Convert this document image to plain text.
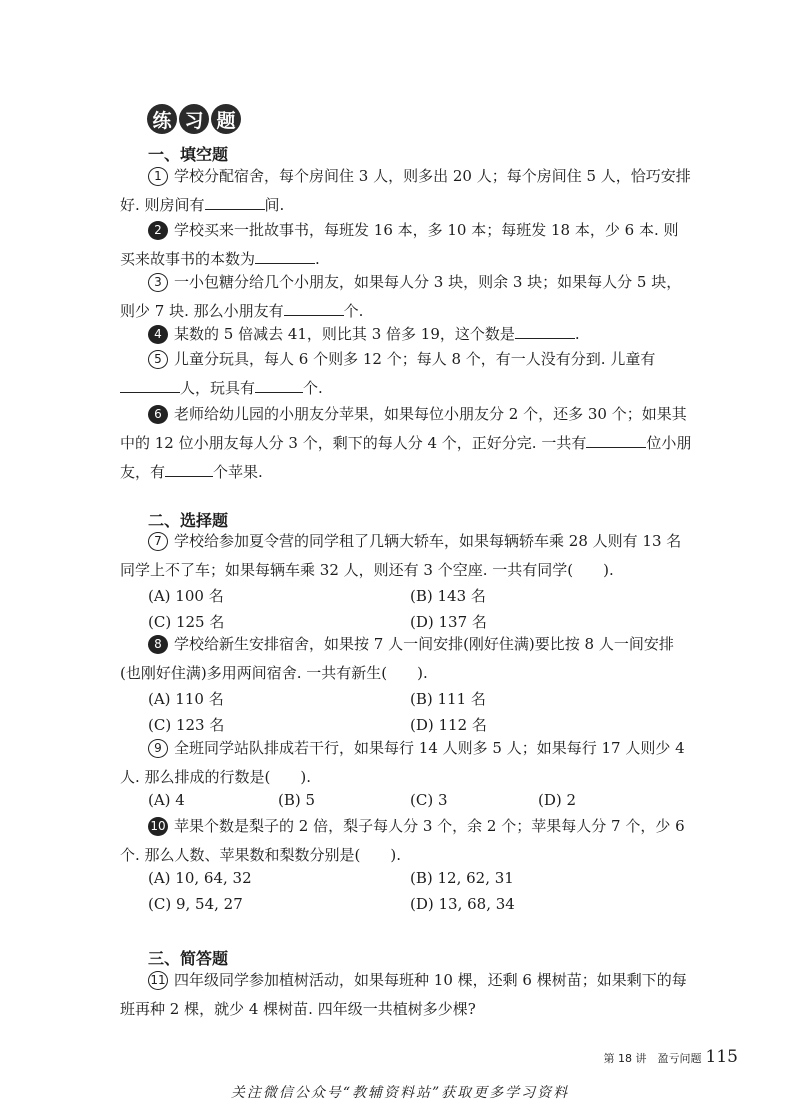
练 习 题
一、填空题
1 学校分配宿舍，每个房间住 3 人，则多出 20 人；每个房间住 5 人，恰巧安排好. 则房间有	间.
2 学校买来一批故事书，每班发 16 本，多 10 本；每班发 18 本，少 6 本. 则买来故事书的本数为	.
3 一小包糖分给几个小朋友，如果每人分 3 块，则余 3 块；如果每人分 5 块，则少 7 块. 那么小朋友有	个.
4 某数的 5 倍减去 41，则比其 3 倍多 19，这个数是	.
5 儿童分玩具，每人 6 个则多 12 个；每人 8 个，有一人没有分到. 儿童有人，玩具有	个.
6 老师给幼儿园的小朋友分苹果，如果每位小朋友分 2 个，还多 30 个；如果其中的 12 位小朋友每人分 3 个，剩下的每人分 4 个，正好分完. 一共有	位小朋友，有	个苹果.
二、选择题
7 学校给参加夏令营的同学租了几辆大轿车，如果每辆轿车乘 28 人则有 13 名同学上不了车；如果每辆车乘 32 人，则还有 3 个空座. 一共有同学(　　).
(A) 100 名	(B) 143 名
(C) 125 名	(D) 137 名
8 学校给新生安排宿舍，如果按 7 人一间安排(刚好住满)要比按 8 人一间安排(也刚好住满)多用两间宿舍. 一共有新生(　　).
(A) 110 名	(B) 111 名
(C) 123 名	(D) 112 名
9 全班同学站队排成若干行，如果每行 14 人则多 5 人；如果每行 17 人则少 4 人. 那么排成的行数是(　　).
(A) 4	(B) 5	(C) 3	(D) 2
10 苹果个数是梨子的 2 倍，梨子每人分 3 个，余 2 个；苹果每人分 7 个，少 6 个. 那么人数、苹果数和梨数分别是(　　).
(A) 10, 64, 32	(B) 12, 62, 31
(C) 9, 54, 27	(D) 13, 68, 34
三、简答题
11 四年级同学参加植树活动，如果每班种 10 棵，还剩 6 棵树苗；如果剩下的每班再种 2 棵，就少 4 棵树苗. 四年级一共植树多少棵?
第 18 讲　盈亏问题 115
关注微信公众号“教辅资料站”获取更多学习资料
